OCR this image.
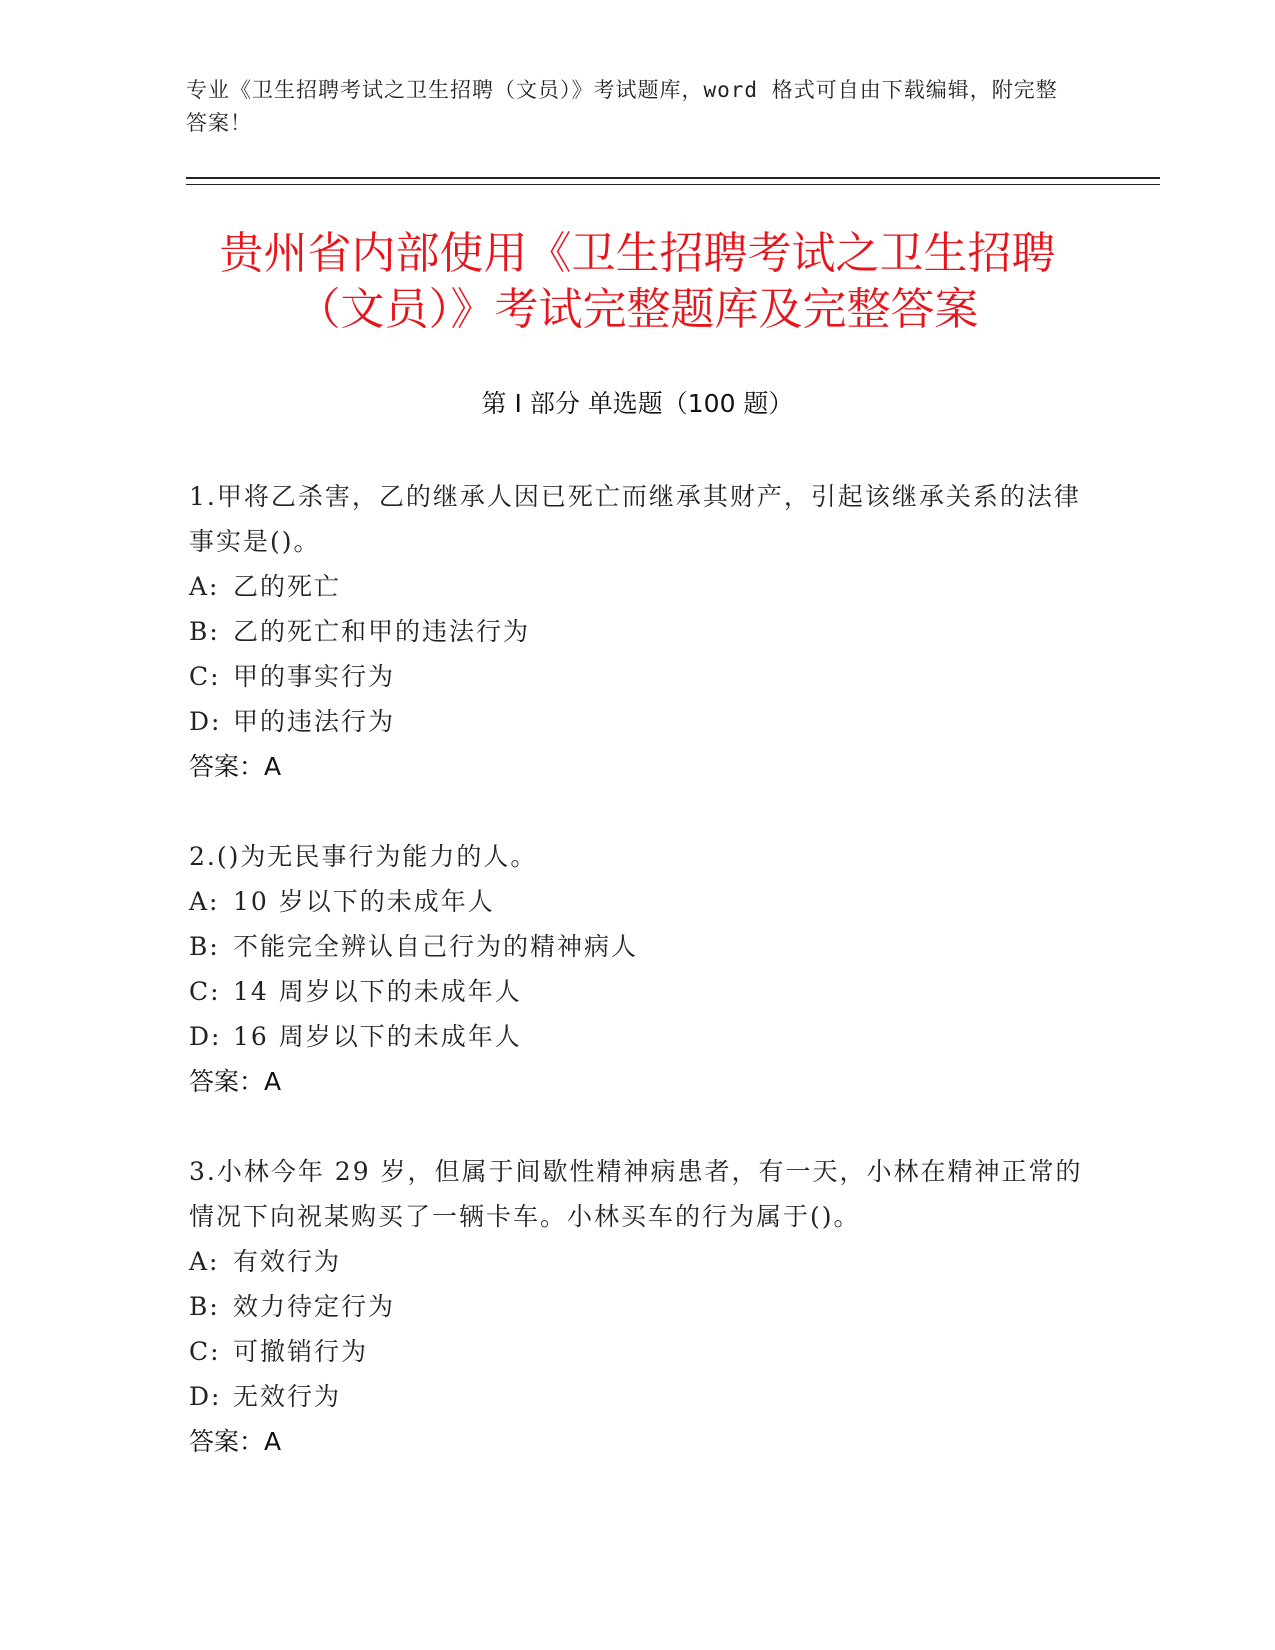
专业《卫生招聘考试之卫生招聘（文员）》考试题库，word 格式可自由下载编辑，附完整答案！
贵州省内部使用《卫生招聘考试之卫生招聘（文员）》考试完整题库及完整答案
第 I 部分 单选题（100 题）
1.甲将乙杀害，乙的继承人因已死亡而继承其财产，引起该继承关系的法律事实是()。
A: 乙的死亡
B: 乙的死亡和甲的违法行为
C: 甲的事实行为
D: 甲的违法行为
答案：A
2.()为无民事行为能力的人。
A: 10 岁以下的未成年人
B: 不能完全辨认自己行为的精神病人
C: 14 周岁以下的未成年人
D: 16 周岁以下的未成年人
答案：A
3.小林今年 29 岁，但属于间歇性精神病患者，有一天，小林在精神正常的情况下向祝某购买了一辆卡车。小林买车的行为属于()。
A: 有效行为
B: 效力待定行为
C: 可撤销行为
D: 无效行为
答案：A
